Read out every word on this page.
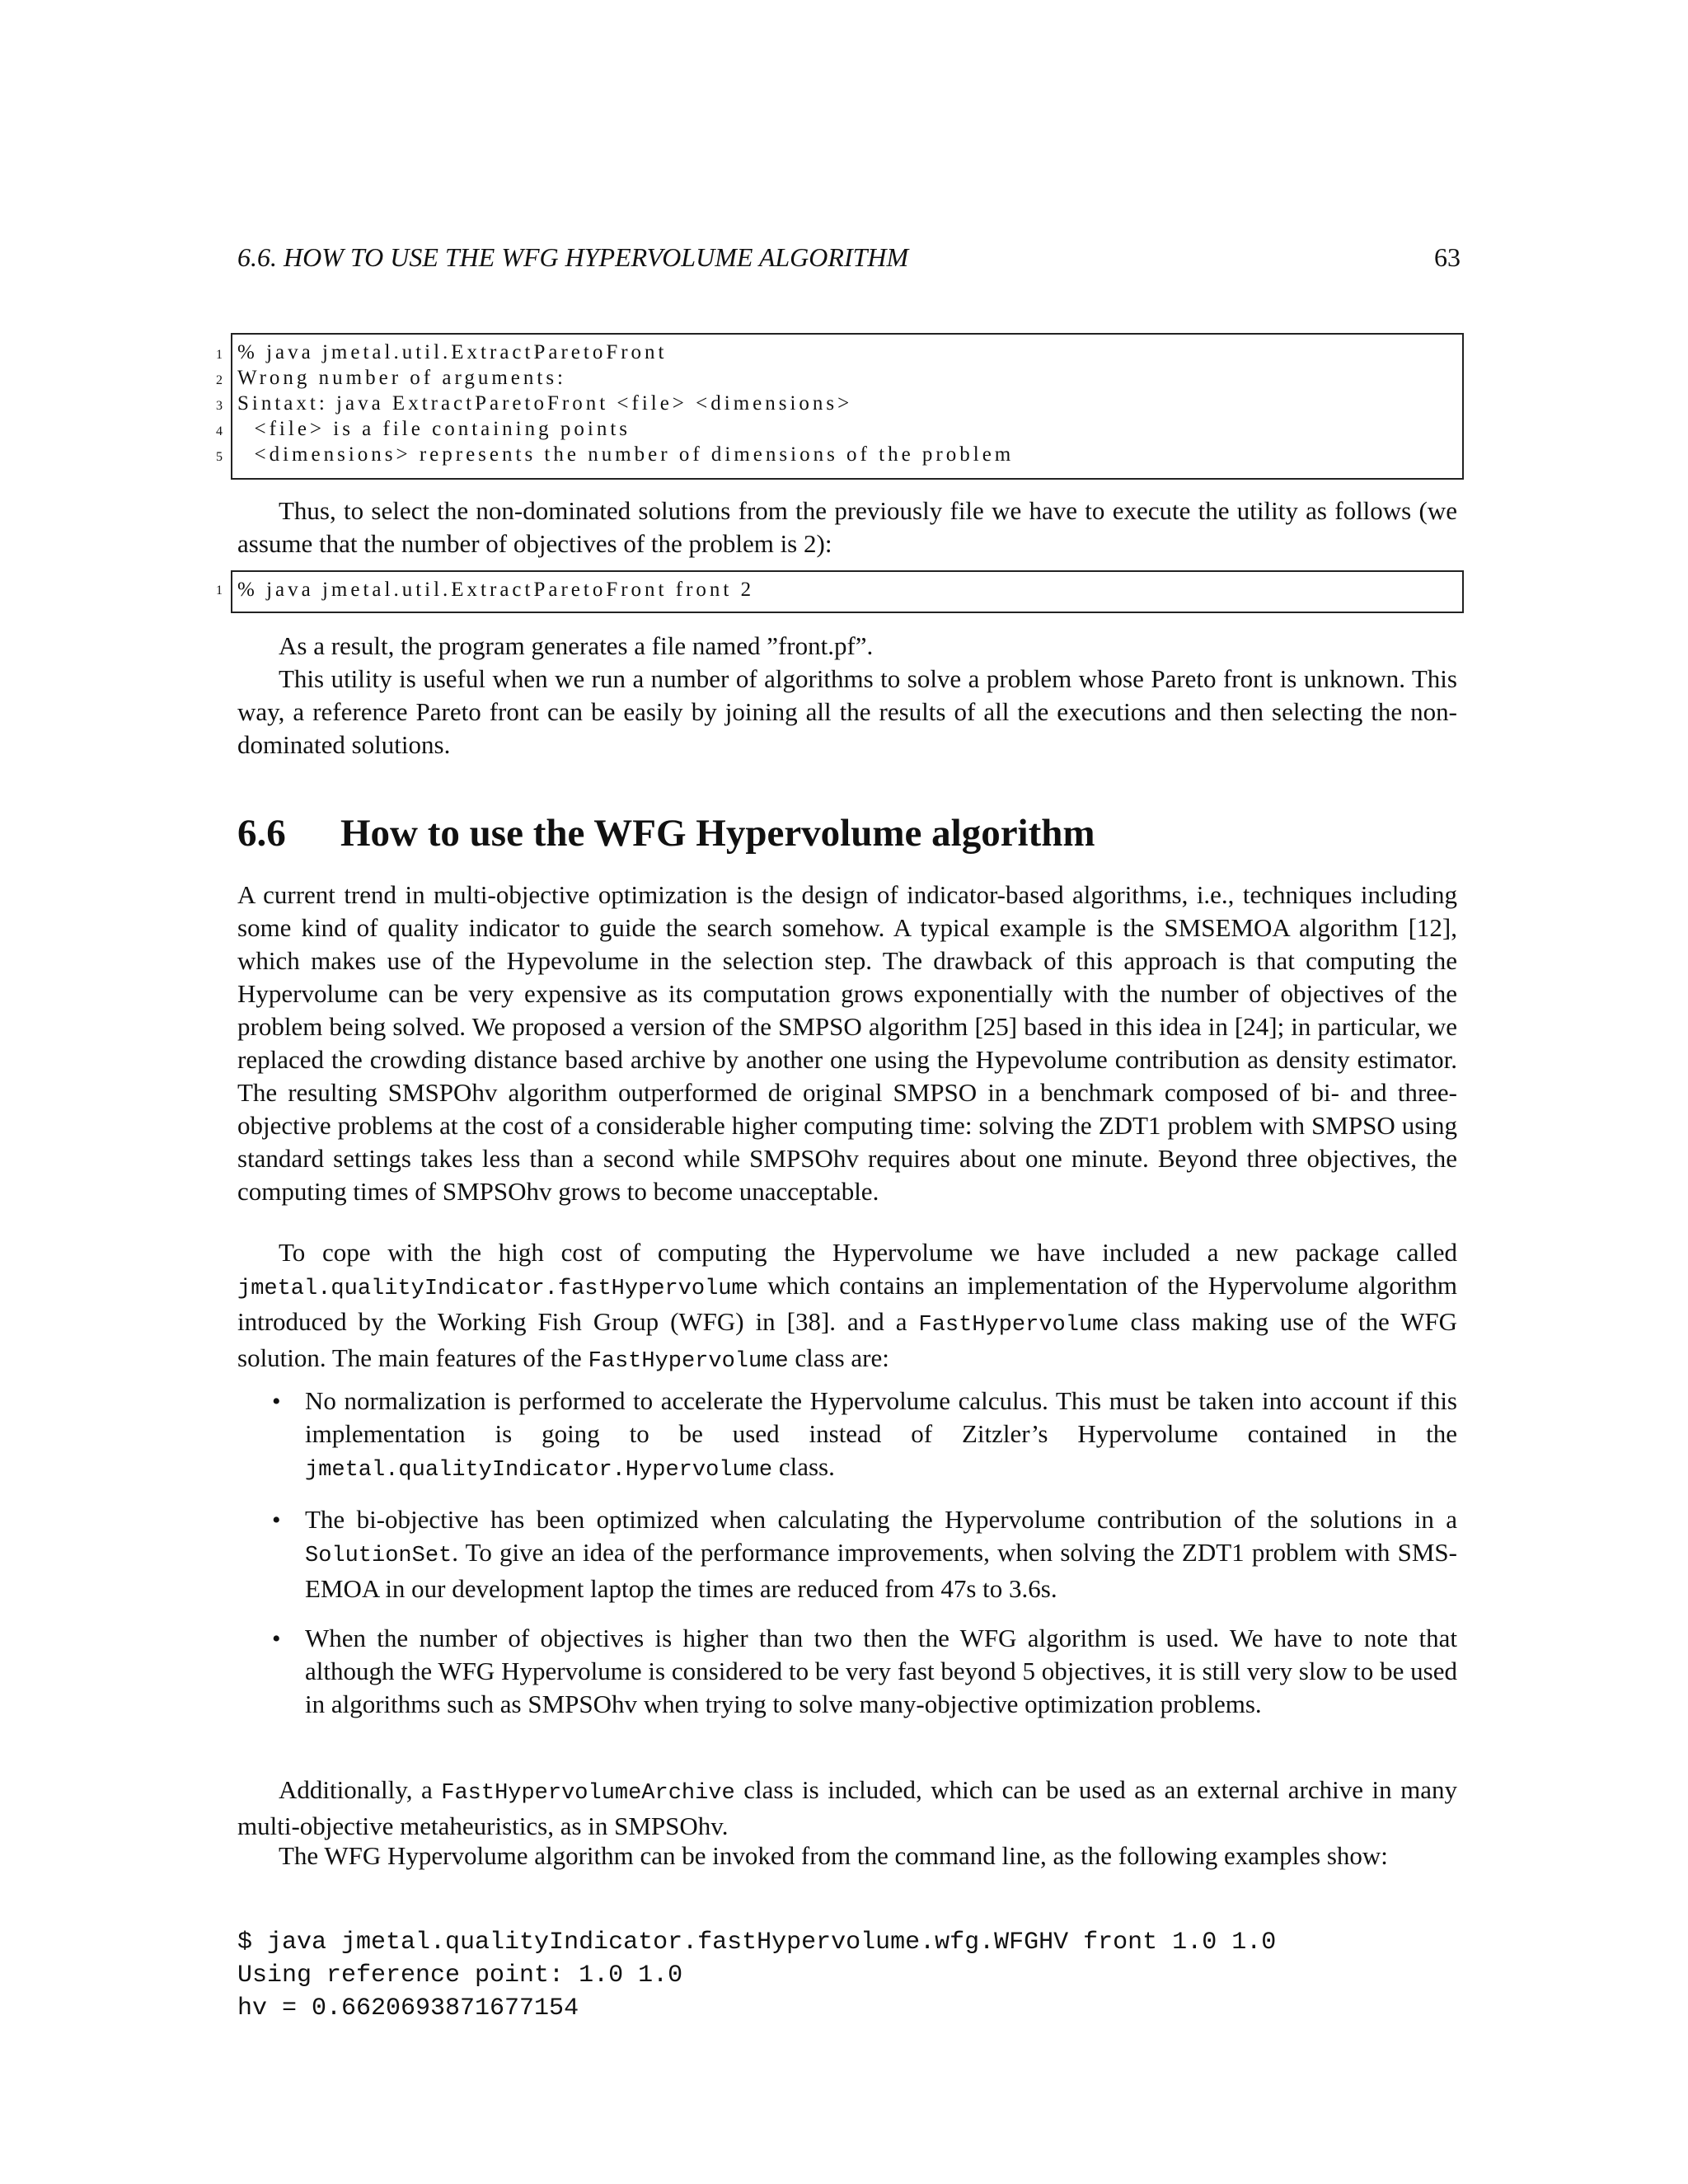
6.6. HOW TO USE THE WFG HYPERVOLUME ALGORITHM	63
1
2
3
4
5
% java jmetal.util.ExtractParetoFront
Wrong number of arguments:
Sintaxt: java ExtractParetoFront <file> <dimensions>
<file> is a file containing points
<dimensions> represents the number of dimensions of the problem
Thus, to select the non-dominated solutions from the previously file we have to execute the utility as follows (we assume that the number of objectives of the problem is 2):
1 % java jmetal.util.ExtractParetoFront front 2
As a result, the program generates a file named ”front.pf”.
This utility is useful when we run a number of algorithms to solve a problem whose Pareto front is unknown. This way, a reference Pareto front can be easily by joining all the results of all the executions and then selecting the non-dominated solutions.
6.6 How to use the WFG Hypervolume algorithm
A current trend in multi-objective optimization is the design of indicator-based algorithms, i.e., techniques including some kind of quality indicator to guide the search somehow. A typical example is the SMSEMOA algorithm [12], which makes use of the Hypevolume in the selection step. The drawback of this approach is that computing the Hypervolume can be very expensive as its computation grows exponentially with the number of objectives of the problem being solved. We proposed a version of the SMPSO algorithm [25] based in this idea in [24]; in particular, we replaced the crowding distance based archive by another one using the Hypevolume contribution as density estimator. The resulting SMSPOhv algorithm outperformed de original SMPSO in a benchmark composed of bi- and three-objective problems at the cost of a considerable higher computing time: solving the ZDT1 problem with SMPSO using standard settings takes less than a second while SMPSOhv requires about one minute. Beyond three objectives, the computing times of SMPSOhv grows to become unacceptable.
To cope with the high cost of computing the Hypervolume we have included a new package called jmetal.qualityIndicator.fastHypervolume which contains an implementation of the Hypervolume algorithm introduced by the Working Fish Group (WFG) in [38]. and a FastHypervolume class making use of the WFG solution. The main features of the FastHypervolume class are:
• No normalization is performed to accelerate the Hypervolume calculus. This must be taken into account if this implementation is going to be used instead of Zitzler’s Hypervolume contained in the jmetal.qualityIndicator.Hypervolume class.
• The bi-objective has been optimized when calculating the Hypervolume contribution of the solutions in a SolutionSet. To give an idea of the performance improvements, when solving the ZDT1 problem with SMS-EMOA in our development laptop the times are reduced from 47s to 3.6s.
• When the number of objectives is higher than two then the WFG algorithm is used. We have to note that although the WFG Hypervolume is considered to be very fast beyond 5 objectives, it is still very slow to be used in algorithms such as SMPSOhv when trying to solve many-objective optimization problems.
Additionally, a FastHypervolumeArchive class is included, which can be used as an external archive in many multi-objective metaheuristics, as in SMPSOhv.
The WFG Hypervolume algorithm can be invoked from the command line, as the following examples show:
$ java jmetal.qualityIndicator.fastHypervolume.wfg.WFGHV front 1.0 1.0
Using reference point: 1.0 1.0
hv = 0.6620693871677154
